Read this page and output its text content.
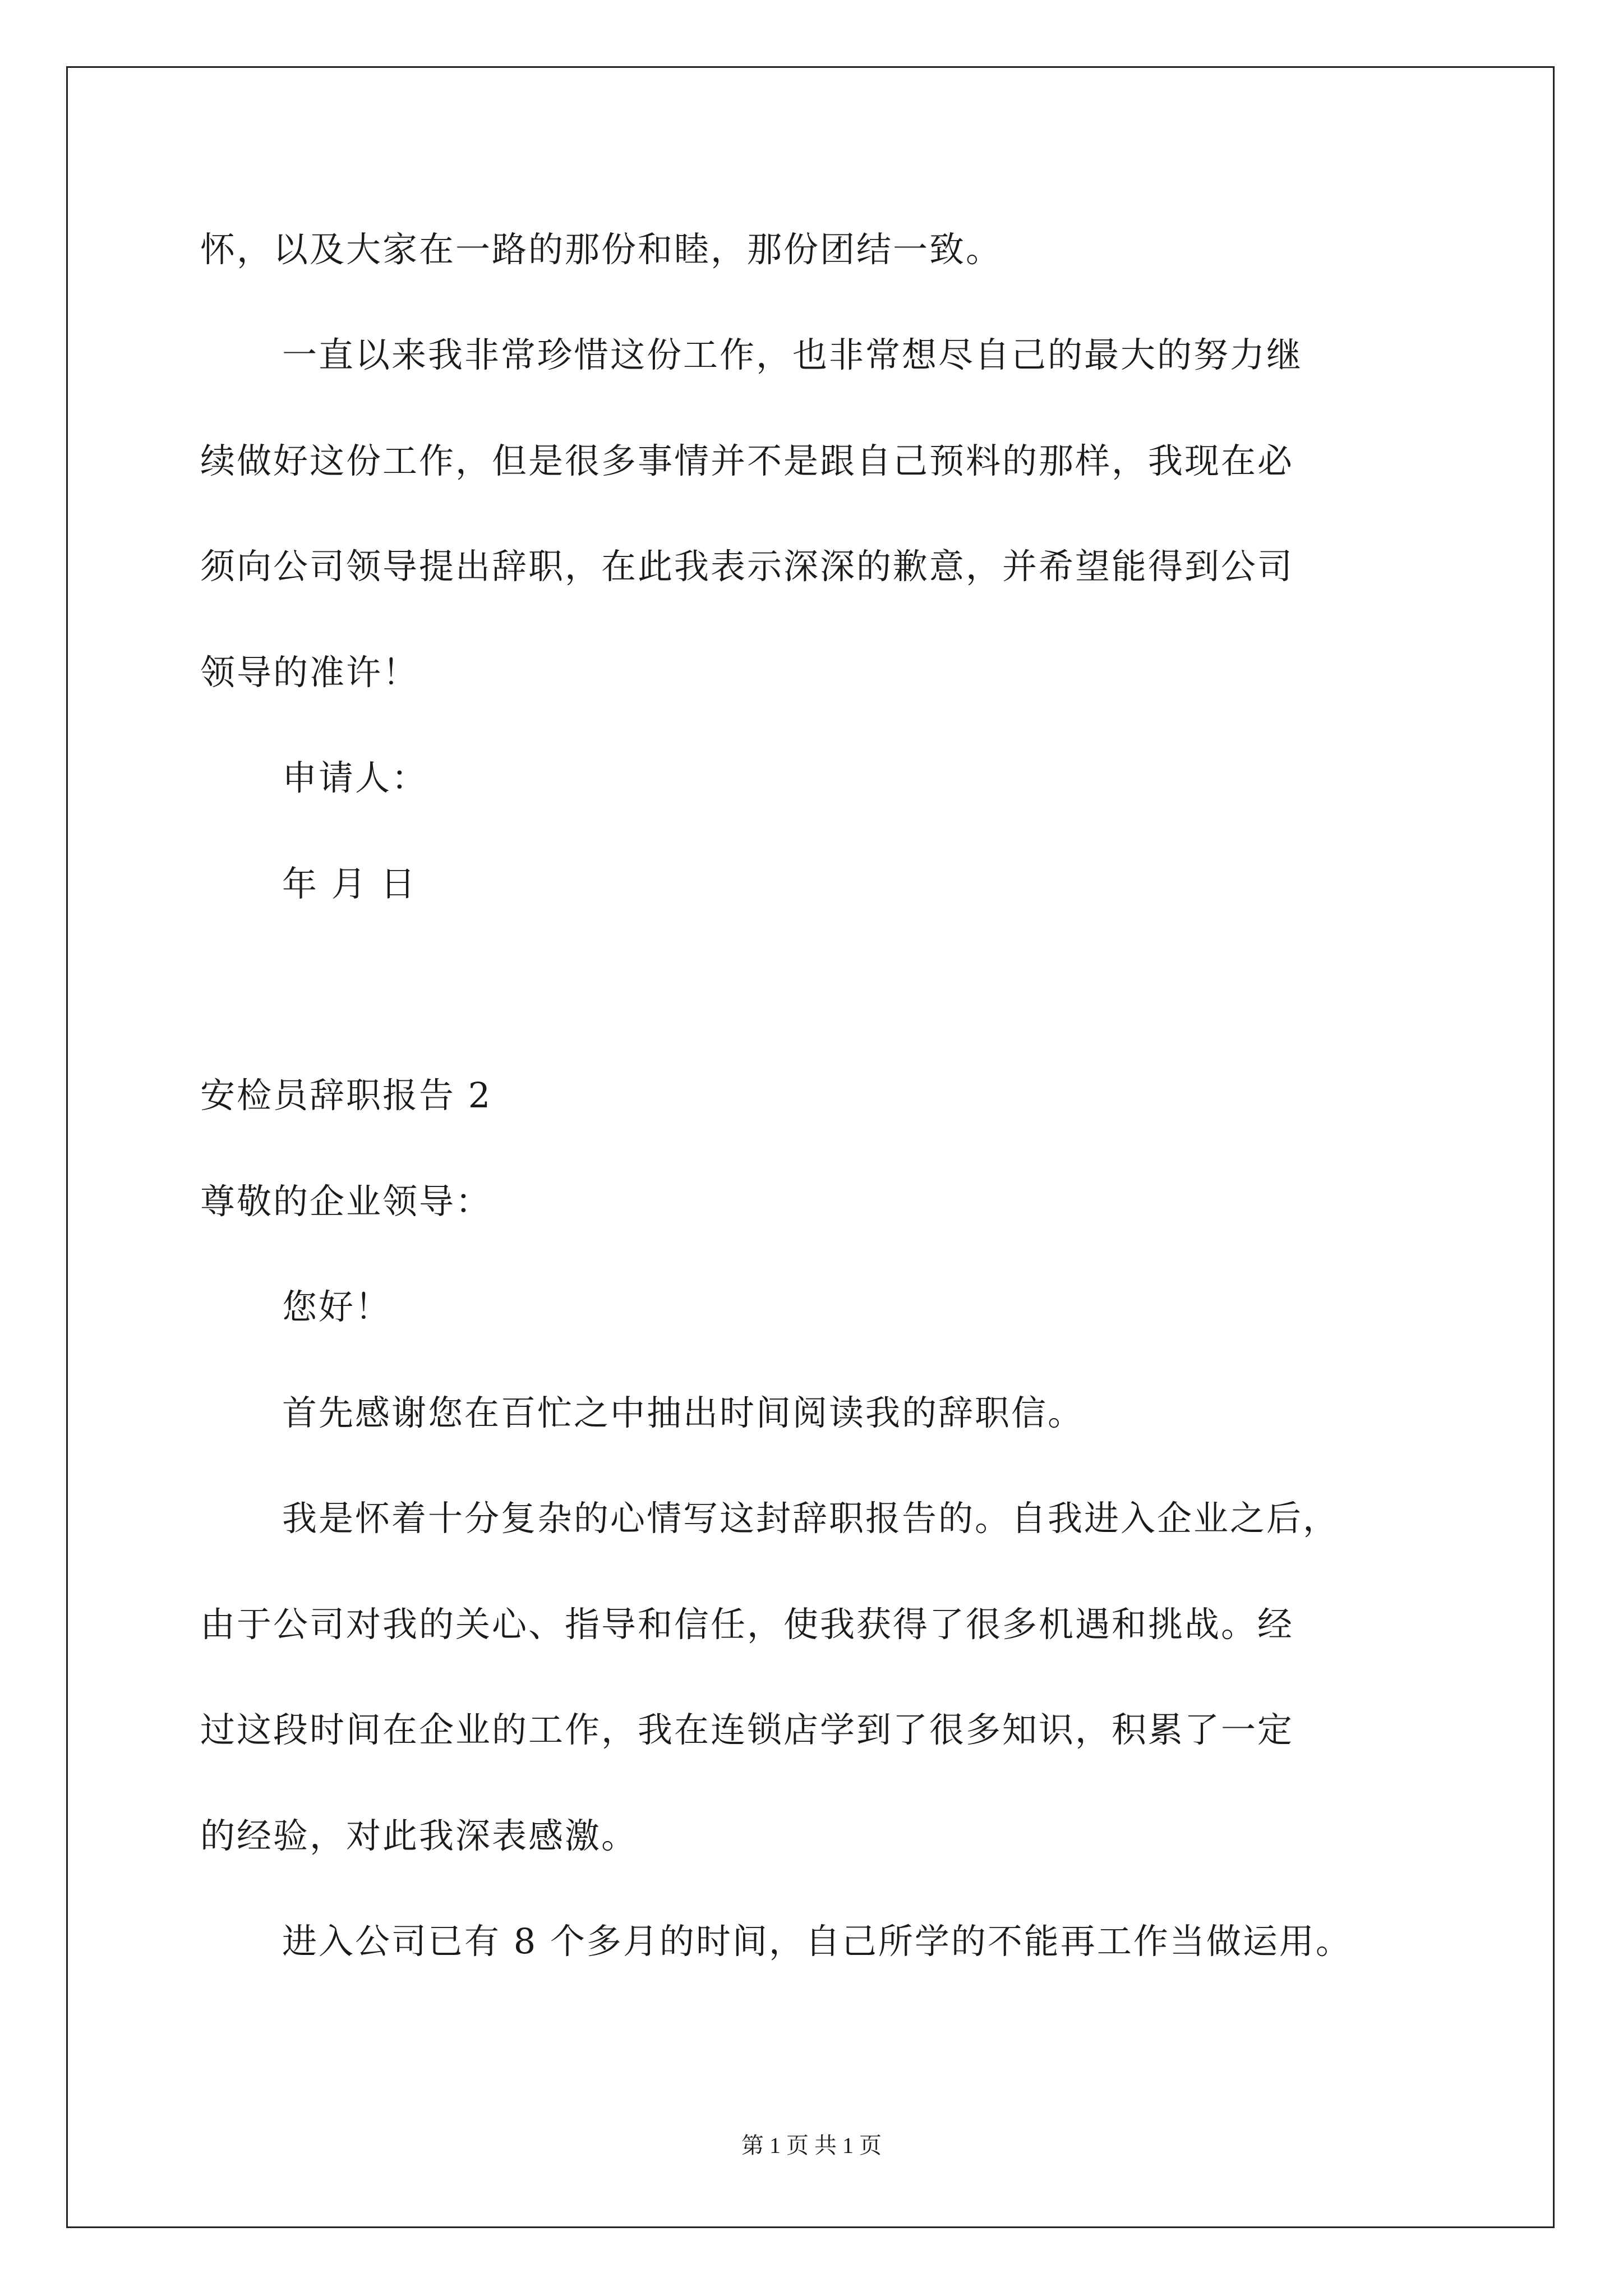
怀，以及大家在一路的那份和睦，那份团结一致。
一直以来我非常珍惜这份工作，也非常想尽自己的最大的努力继
续做好这份工作，但是很多事情并不是跟自己预料的那样，我现在必
须向公司领导提出辞职，在此我表示深深的歉意，并希望能得到公司
领导的准许！
申请人：
年 月 日
安检员辞职报告 2
尊敬的企业领导：
您好！
首先感谢您在百忙之中抽出时间阅读我的辞职信。
我是怀着十分复杂的心情写这封辞职报告的。自我进入企业之后，
由于公司对我的关心、指导和信任，使我获得了很多机遇和挑战。经
过这段时间在企业的工作，我在连锁店学到了很多知识，积累了一定
的经验，对此我深表感激。
进入公司已有 8 个多月的时间，自己所学的不能再工作当做运用。
第 1 页 共 1 页
